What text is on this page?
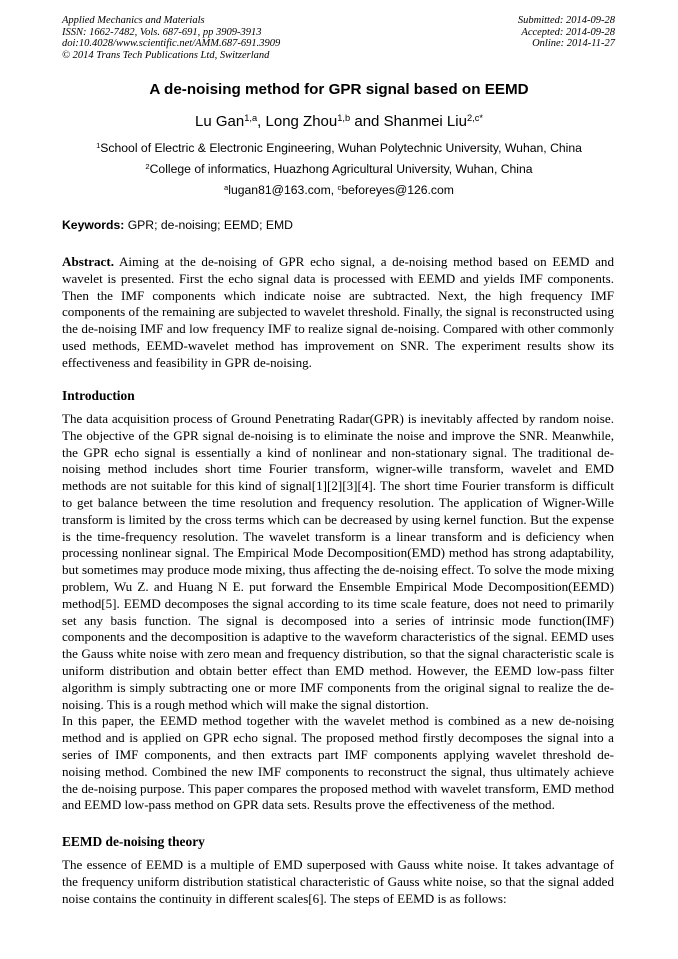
Applied Mechanics and Materials
ISSN: 1662-7482, Vols. 687-691, pp 3909-3913
doi:10.4028/www.scientific.net/AMM.687-691.3909
© 2014 Trans Tech Publications Ltd, Switzerland
Submitted: 2014-09-28
Accepted: 2014-09-28
Online: 2014-11-27
A de-noising method for GPR signal based on EEMD
Lu Gan$^{1,a}$, Long Zhou$^{1,b}$ and Shanmei Liu$^{2,c*}$
$^1$School of Electric & Electronic Engineering, Wuhan Polytechnic University, Wuhan, China
$^2$College of informatics, Huazhong Agricultural University, Wuhan, China
$^a$lugan81@163.com, $^c$beforeyes@126.com
Keywords: GPR; de-noising; EEMD; EMD

Abstract. Aiming at the de-noising of GPR echo signal, a de-noising method based on EEMD and wavelet is presented. First the echo signal data is processed with EEMD and yields IMF components. Then the IMF components which indicate noise are subtracted. Next, the high frequency IMF components of the remaining are subjected to wavelet threshold. Finally, the signal is reconstructed using the de-noising IMF and low frequency IMF to realize signal de-noising. Compared with other commonly used methods, EEMD-wavelet method has improvement on SNR. The experiment results show its effectiveness and feasibility in GPR de-noising.

Introduction

The data acquisition process of Ground Penetrating Radar(GPR) is inevitably affected by random noise. The objective of the GPR signal de-noising is to eliminate the noise and improve the SNR. Meanwhile, the GPR echo signal is essentially a kind of nonlinear and non-stationary signal. The traditional de-noising method includes short time Fourier transform, wigner-wille transform, wavelet and EMD methods are not suitable for this kind of signal[1][2][3][4]. The short time Fourier transform is difficult to get balance between the time resolution and frequency resolution. The application of Wigner-Wille transform is limited by the cross terms which can be decreased by using kernel function. But the expense is the time-frequency resolution. The wavelet transform is a linear transform and is deficiency when processing nonlinear signal. The Empirical Mode Decomposition(EMD) method has strong adaptability, but sometimes may produce mode mixing, thus affecting the de-noising effect. To solve the mode mixing problem, Wu Z. and Huang N E. put forward the Ensemble Empirical Mode Decomposition(EEMD) method[5]. EEMD decomposes the signal according to its time scale feature, does not need to primarily set any basis function. The signal is decomposed into a series of intrinsic mode function(IMF) components and the decomposition is adaptive to the waveform characteristics of the signal. EEMD uses the Gauss white noise with zero mean and frequency distribution, so that the signal characteristic scale is uniform distribution and obtain better effect than EMD method. However, the EEMD low-pass filter algorithm is simply subtracting one or more IMF components from the original signal to realize the de-noising. This is a rough method which will make the signal distortion.

In this paper, the EEMD method together with the wavelet method is combined as a new de-noising method and is applied on GPR echo signal. The proposed method firstly decomposes the signal into a series of IMF components, and then extracts part IMF components applying wavelet threshold de-noising method. Combined the new IMF components to reconstruct the signal, thus ultimately achieve the de-noising purpose. This paper compares the proposed method with wavelet transform, EMD method and EEMD low-pass method on GPR data sets. Results prove the effectiveness of the method.

EEMD de-noising theory

The essence of EEMD is a multiple of EMD superposed with Gauss white noise. It takes advantage of the frequency uniform distribution statistical characteristic of Gauss white noise, so that the signal added noise contains the continuity in different scales[6]. The steps of EEMD is as follows:
